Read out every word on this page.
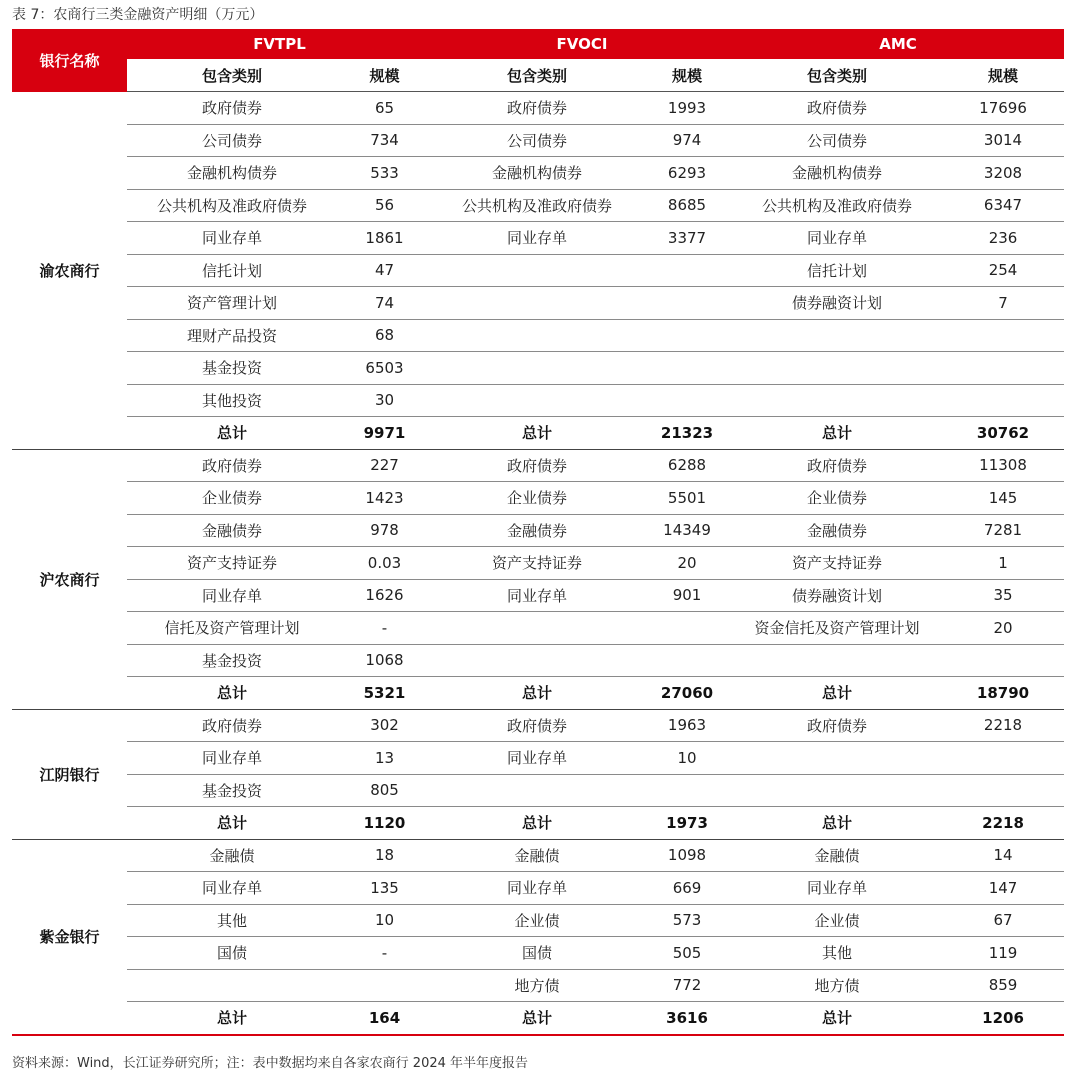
表 7：农商行三类金融资产明细（万元）
银行名称	FVTPL		FVOCI		AMC	
	包含类别	规模	包含类别	规模	包含类别	规模
渝农商行	政府债券	65	政府债券	1993	政府债券	17696
	公司债券	734	公司债券	974	公司债券	3014
	金融机构债券	533	金融机构债券	6293	金融机构债券	3208
	公共机构及准政府债券	56	公共机构及准政府债券	8685	公共机构及准政府债券	6347
	同业存单	1861	同业存单	3377	同业存单	236
	信托计划	47			信托计划	254
	资产管理计划	74			债券融资计划	7
	理财产品投资	68				
	基金投资	6503				
	其他投资	30				
	总计	9971	总计	21323	总计	30762
沪农商行	政府债券	227	政府债券	6288	政府债券	11308
	企业债券	1423	企业债券	5501	企业债券	145
	金融债券	978	金融债券	14349	金融债券	7281
	资产支持证券	0.03	资产支持证券	20	资产支持证券	1
	同业存单	1626	同业存单	901	债券融资计划	35
	信托及资产管理计划	-			资金信托及资产管理计划	20
	基金投资	1068				
	总计	5321	总计	27060	总计	18790
江阴银行	政府债券	302	政府债券	1963	政府债券	2218
	同业存单	13	同业存单	10		
	基金投资	805				
	总计	1120	总计	1973	总计	2218
紫金银行	金融债	18	金融债	1098	金融债	14
	同业存单	135	同业存单	669	同业存单	147
	其他	10	企业债	573	企业债	67
	国债	-	国债	505	其他	119
			地方债	772	地方债	859
	总计	164	总计	3616	总计	1206
资料来源：Wind，长江证券研究所；注：表中数据均来自各家农商行 2024 年半年度报告
